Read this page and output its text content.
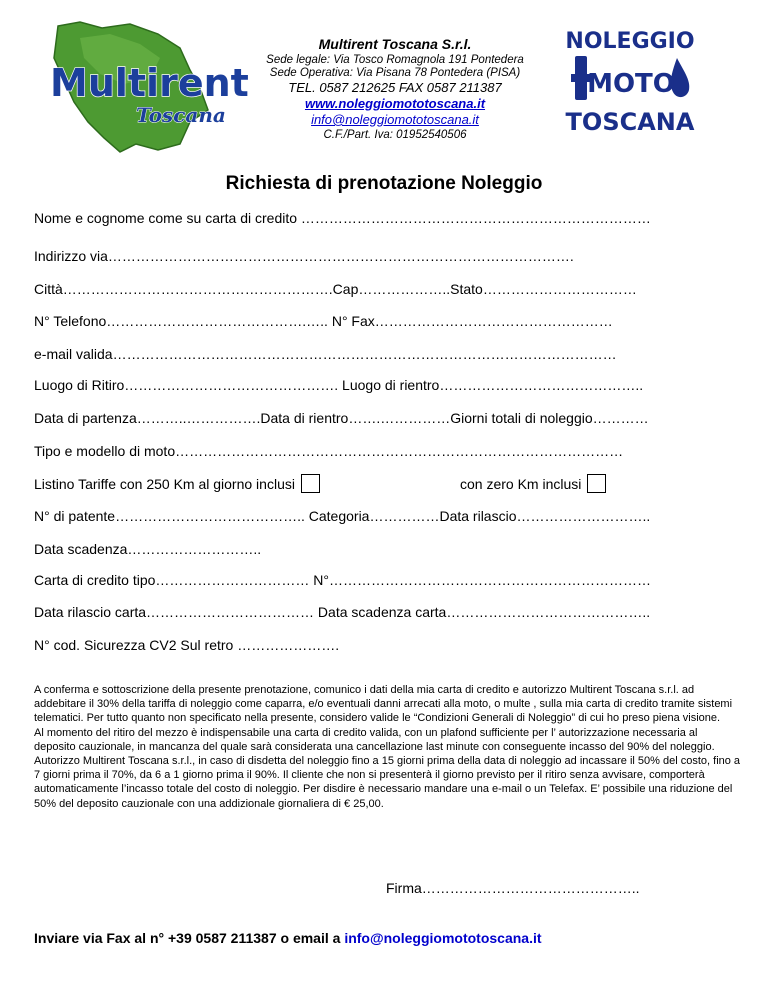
Multirent
Toscana
Multirent Toscana S.r.l.
Sede legale: Via Tosco Romagnola 191 Pontedera
Sede Operativa: Via Pisana 78 Pontedera (PISA)
TEL. 0587 212625 FAX 0587 211387
www.noleggiomototoscana.it
info@noleggiomototoscana.it
C.F./Part. Iva: 01952540506
NOLEGGIO
MOTO
TOSCANA
Richiesta di prenotazione Noleggio
Nome e cognome come su carta di credito …………………………………………………………………
Indirizzo via……………………………………………………………………………………….
Città………………………………………………….Cap………………..Stato……………………………
N° Telefono…………………………………….….. N° Fax……………………………………………
e-mail valida………………………………………………………………………………………………
Luogo di Ritiro………………………………………. Luogo di rientro……………………………………..
Data di partenza………..…………….Data di rientro…….……………Giorni totali di noleggio…………
Tipo e modello di moto……………………………………………………………………………………
Listino Tariffe con 250 Km al giorno inclusi	con zero Km inclusi
N° di patente………………………………….. Categoria……………Data rilascio………………………..
Data scadenza………………………..
Carta di credito tipo…………………………… N°……………………………………………………………
Data rilascio carta……………………………… Data scadenza carta……………………………………..
N° cod. Sicurezza CV2 Sul retro ………………….

A conferma e sottoscrizione della presente prenotazione, comunico i dati della mia carta di credito e autorizzo Multirent Toscana s.r.l. ad addebitare il 30% della tariffa di noleggio come caparra, e/o eventuali danni arrecati alla moto, o multe , sulla mia carta di credito tramite sistemi telematici. Per tutto quanto non specificato nella presente, considero valide le “Condizioni Generali di Noleggio” di cui ho preso piena visione.

Al momento del ritiro del mezzo è indispensabile una carta di credito valida, con un plafond sufficiente per l’ autorizzazione necessaria al deposito cauzionale, in mancanza del quale sarà considerata una cancellazione last minute con conseguente incasso del 90% del noleggio.

Autorizzo Multirent Toscana s.r.l., in caso di disdetta del noleggio fino a 15 giorni prima della data di noleggio ad incassare il 50% del costo, fino a 7 giorni prima il 70%, da 6 a 1 giorno prima il 90%. Il cliente che non si presenterà il giorno previsto per il ritiro senza avvisare, comporterà automaticamente l’incasso totale del costo di noleggio. Per disdire è necessario mandare una e-mail o un Telefax. E’ possibile una riduzione del 50% del deposito cauzionale con una addizionale giornaliera di € 25,00.

Firma………………………………………..
Inviare via Fax al n° +39 0587 211387 o email a info@noleggiomototoscana.it
